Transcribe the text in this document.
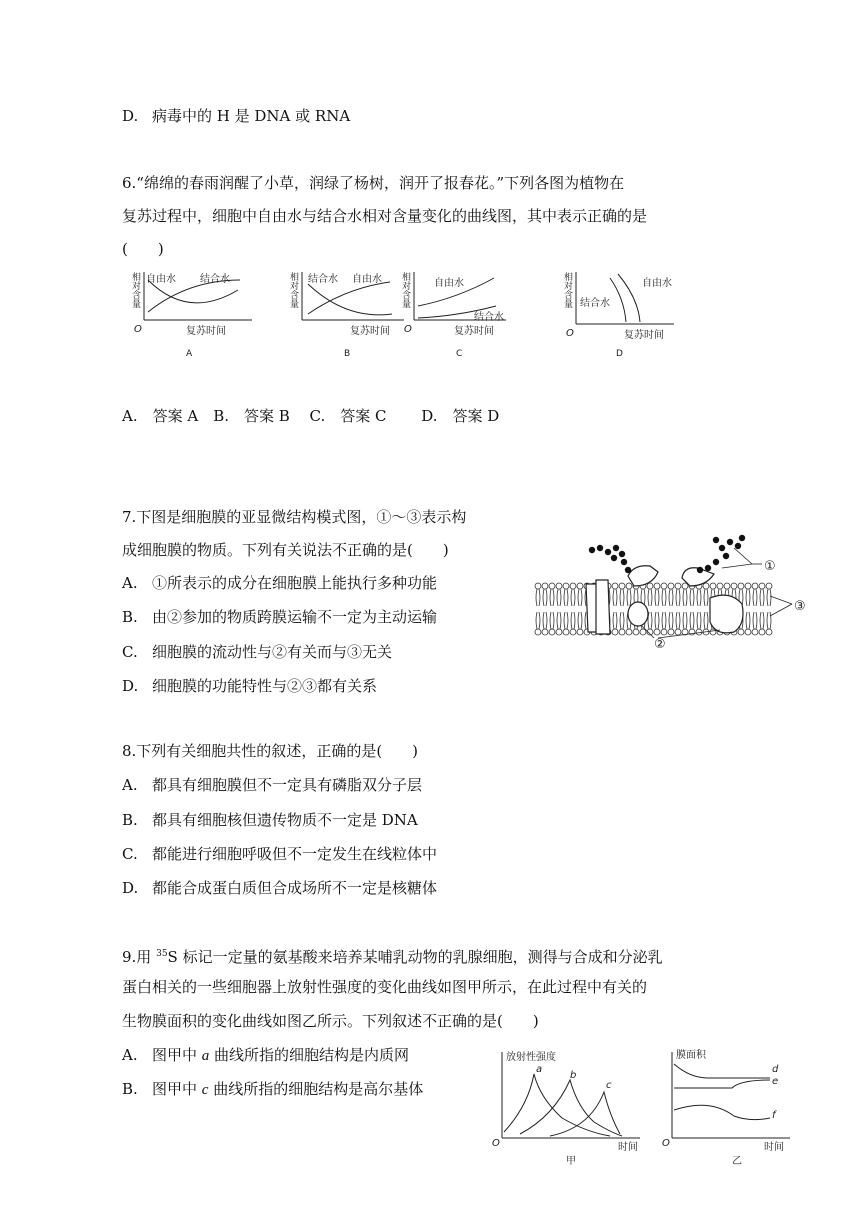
D. 病毒中的 H 是 DNA 或 RNA
6.“绵绵的春雨润醒了小草，润绿了杨树，润开了报春花。”下列各图为植物在
复苏过程中，细胞中自由水与结合水相对含量变化的曲线图，其中表示正确的是
(　　)
相
对
含
量
自由水 结合水
O	复苏时间
A
相
对
含
量
结合水 自由水
复苏时间
B
相
对
含
量
自由水
结合水
O	复苏时间
C
相
对
含
量 结合水
自由水
O	复苏时间
D
A.　答案 A　B.　答案 B　 C.　答案 C　　 D.　答案 D
7.下图是细胞膜的亚显微结构模式图，①～③表示构
成细胞膜的物质。下列有关说法不正确的是(　　)
A. ①所表示的成分在细胞膜上能执行多种功能
B. 由②参加的物质跨膜运输不一定为主动运输
C. 细胞膜的流动性与②有关而与③无关
D. 细胞膜的功能特性与②③都有关系
①
②
③
8.下列有关细胞共性的叙述，正确的是(　　)
A. 都具有细胞膜但不一定具有磷脂双分子层
B. 都具有细胞核但遗传物质不一定是 DNA
C. 都能进行细胞呼吸但不一定发生在线粒体中
D. 都能合成蛋白质但合成场所不一定是核糖体
9.用 $^{35}$S 标记一定量的氨基酸来培养某哺乳动物的乳腺细胞，测得与合成和分泌乳
蛋白相关的一些细胞器上放射性强度的变化曲线如图甲所示，在此过程中有关的
生物膜面积的变化曲线如图乙所示。下列叙述不正确的是(　　)
A. 图甲中 a 曲线所指的细胞结构是内质网
B. 图甲中 c 曲线所指的细胞结构是高尔基体
放射性强度
a
b
c
O	时间
甲
膜面积
d
e
f
O	时间
乙
